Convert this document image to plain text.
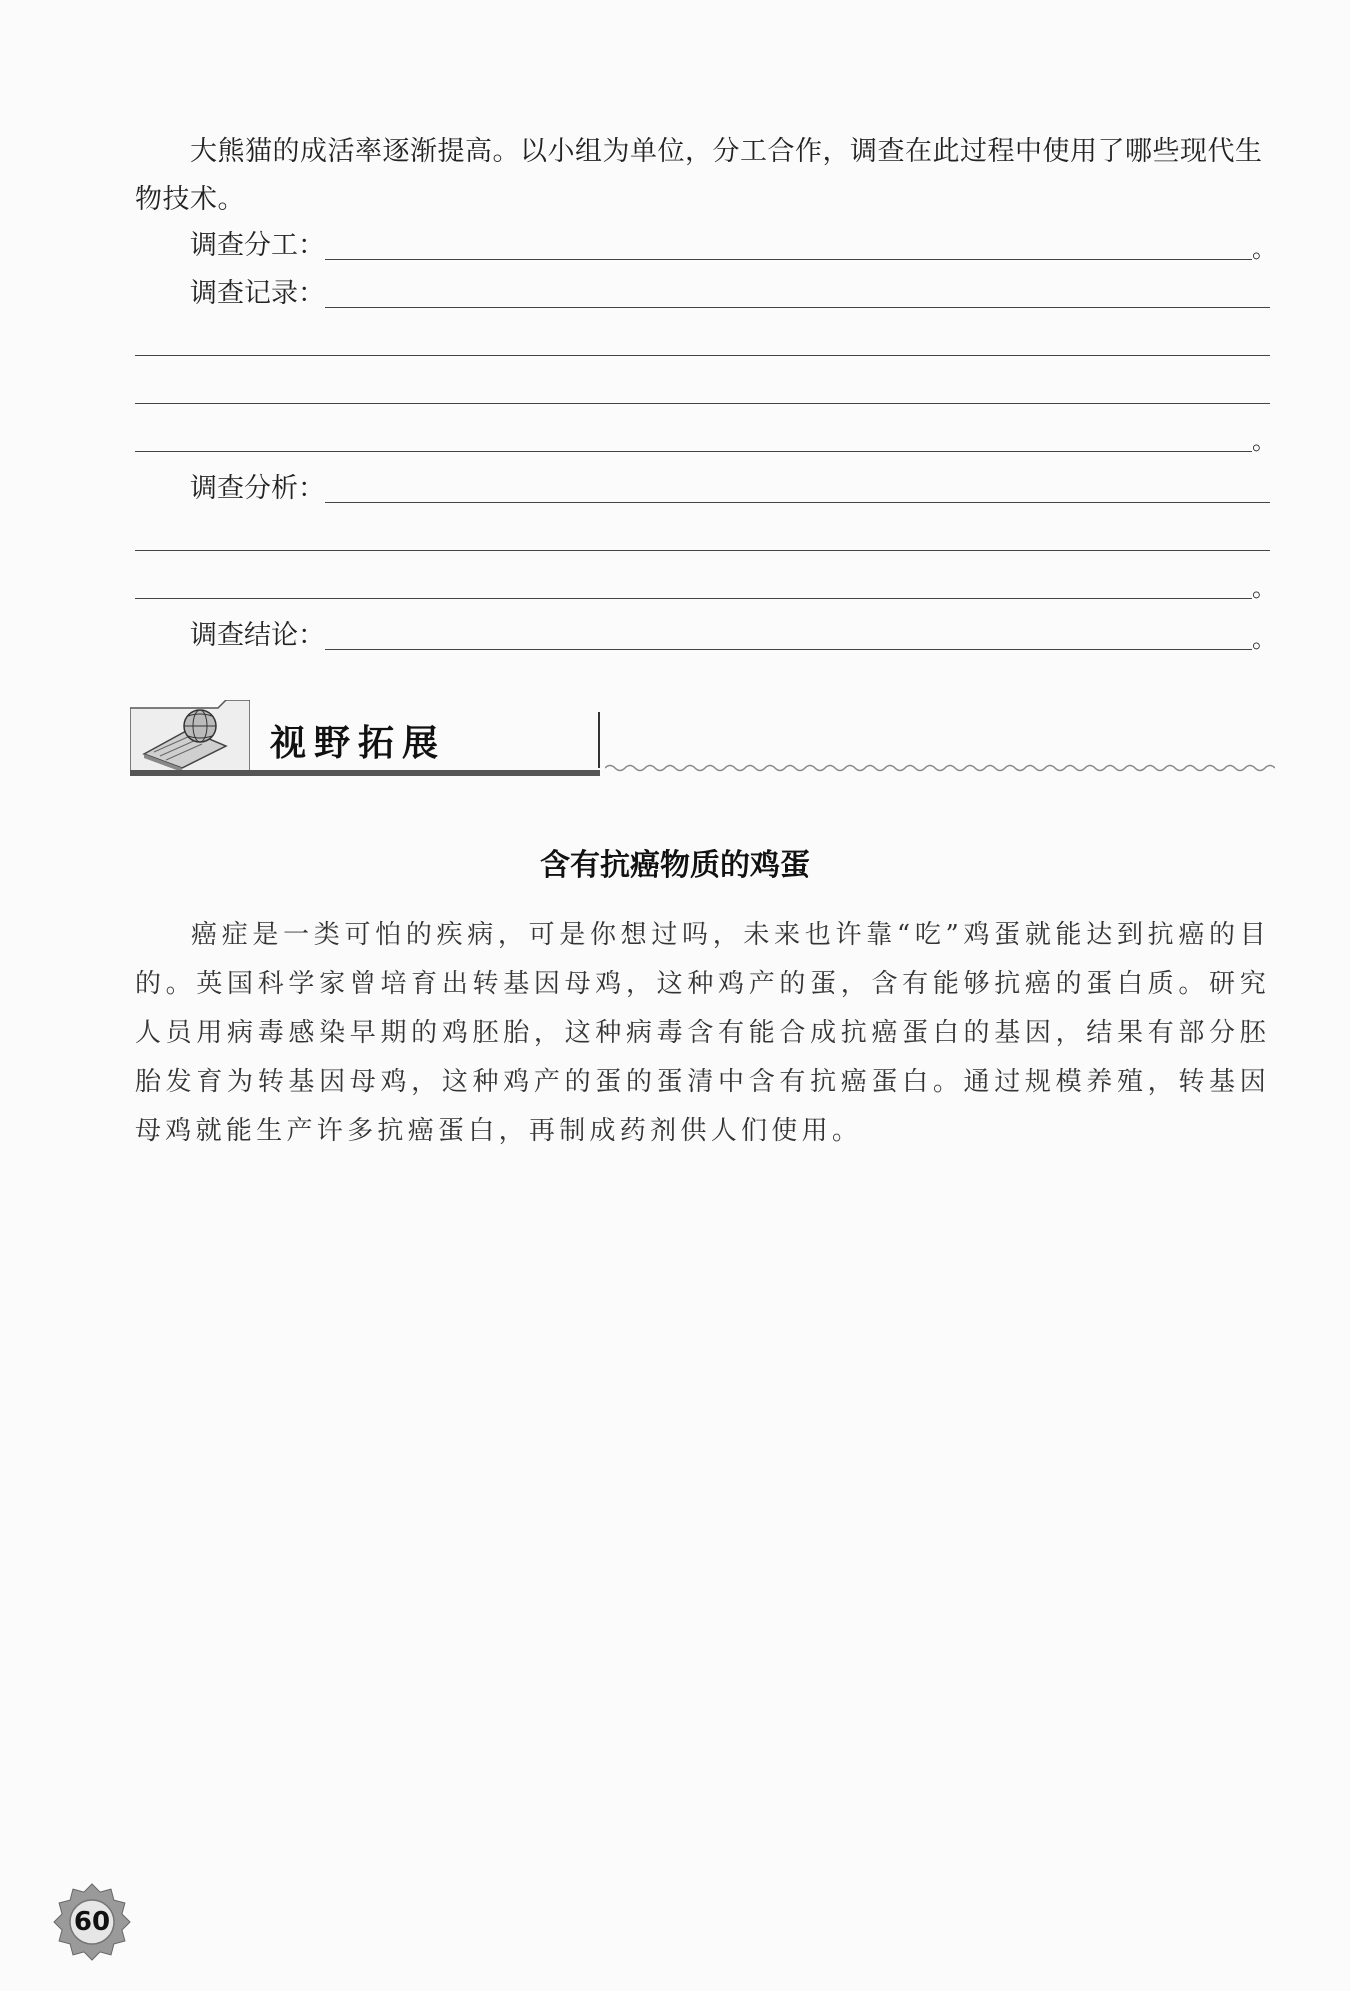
大熊猫的成活率逐渐提高。以小组为单位，分工合作，调查在此过程中使用了哪些现代生物技术。

调查分工：	。
调查记录：
。
调查分析：
。
调查结论：	。
视野拓展
含有抗癌物质的鸡蛋

癌症是一类可怕的疾病，可是你想过吗，未来也许靠“吃”鸡蛋就能达到抗癌的目的。英国科学家曾培育出转基因母鸡，这种鸡产的蛋，含有能够抗癌的蛋白质。研究人员用病毒感染早期的鸡胚胎，这种病毒含有能合成抗癌蛋白的基因，结果有部分胚胎发育为转基因母鸡，这种鸡产的蛋的蛋清中含有抗癌蛋白。通过规模养殖，转基因母鸡就能生产许多抗癌蛋白，再制成药剂供人们使用。

60
